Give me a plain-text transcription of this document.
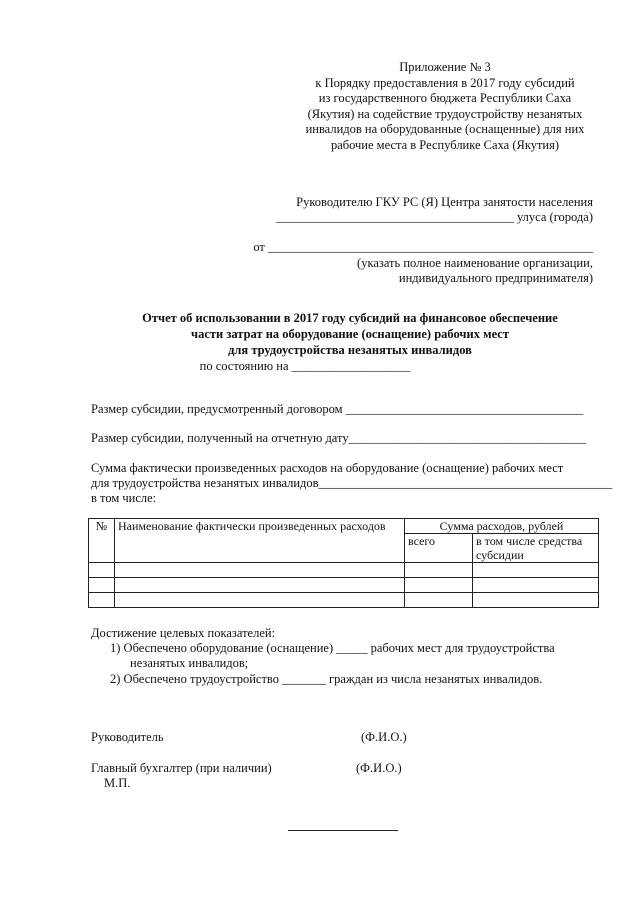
Приложение № 3
к Порядку предоставления в 2017 году субсидий
из государственного бюджета Республики Саха
(Якутия) на содействие трудоустройству незанятых
инвалидов на оборудованные (оснащенные) для них
рабочие места в Республике Саха (Якутия)
Руководителю ГКУ РС (Я) Центра занятости населения
______________________________________ улуса (города)
от ____________________________________________________
(указать полное наименование организации,
индивидуального предпринимателя)
Отчет об использовании в 2017 году субсидий на финансовое обеспечение
части затрат на оборудование (оснащение) рабочих мест
для трудоустройства незанятых инвалидов
по состоянию на ___________________
Размер субсидии, предусмотренный договором ______________________________________
Размер субсидии, полученный на отчетную дату______________________________________
Сумма фактически произведенных расходов на оборудование (оснащение) рабочих мест
для трудоустройства незанятых инвалидов_______________________________________________
в том числе:
№	Наименование фактически произведенных расходов	Сумма расходов, рублей	
		всего	в том числе средства субсидии

Достижение целевых показателей:
1) Обеспечено оборудование (оснащение) _____ рабочих мест для трудоустройства
незанятых инвалидов;
2) Обеспечено трудоустройство _______ граждан из числа незанятых инвалидов.
Руководитель	(Ф.И.О.)
Главный бухгалтер (при наличии)	(Ф.И.О.)
М.П.
